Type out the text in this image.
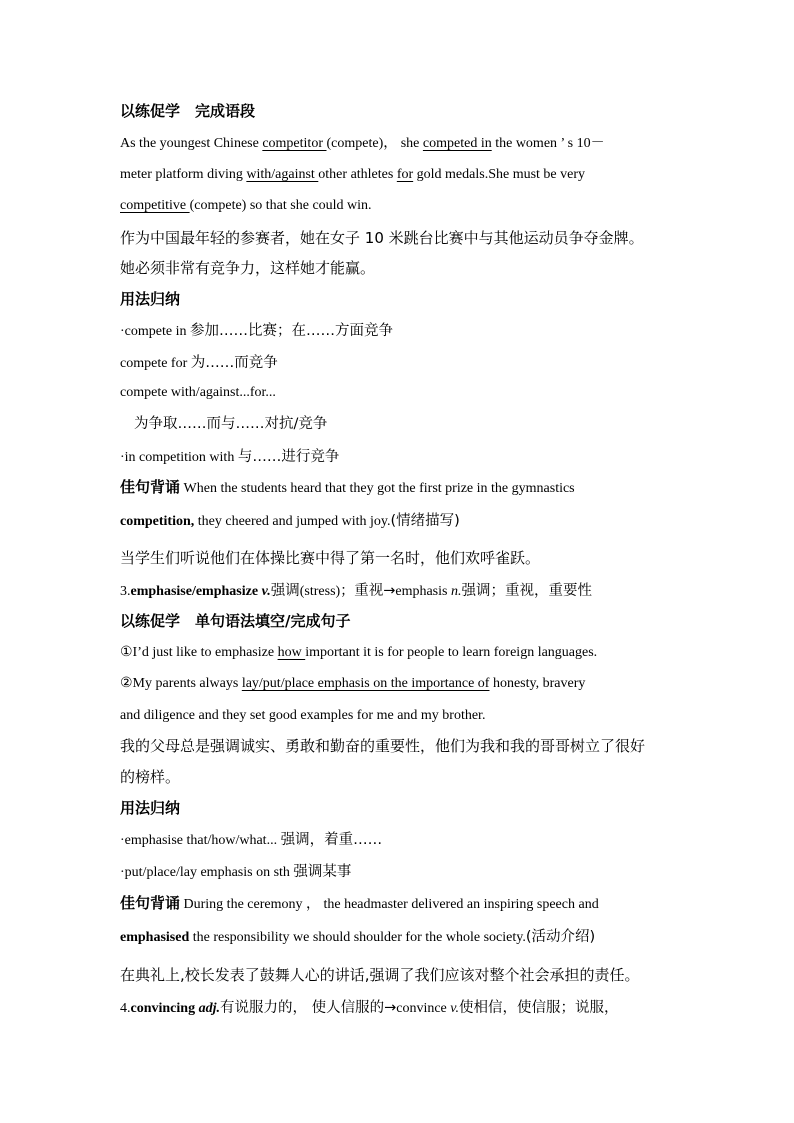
以练促学　完成语段
As the youngest Chinese competitor (compete)， she competed in the women ’ s 10－
meter platform diving with/against other athletes for gold medals.She must be very
competitive (compete) so that she could win.
作为中国最年轻的参赛者，她在女子 10 米跳台比赛中与其他运动员争夺金牌。
她必须非常有竞争力，这样她才能赢。
用法归纳
·compete in 参加……比赛；在……方面竞争
compete for 为……而竞争
compete with/against...for...
为争取……而与……对抗/竞争
·in competition with 与……进行竞争
佳句背诵 When the students heard that they got the first prize in the gymnastics
competition, they cheered and jumped with joy.(情绪描写)
当学生们听说他们在体操比赛中得了第一名时，他们欢呼雀跃。
3.emphasise/emphasize v.强调(stress)；重视→emphasis n.强调；重视，重要性
以练促学　单句语法填空/完成句子
①I’d just like to emphasize how important it is for people to learn foreign languages.
②My parents always lay/put/place emphasis on the importance of honesty, bravery
and diligence and they set good examples for me and my brother.
我的父母总是强调诚实、勇敢和勤奋的重要性，他们为我和我的哥哥树立了很好
的榜样。
用法归纳
·emphasise that/how/what... 强调，着重……
·put/place/lay emphasis on sth 强调某事
佳句背诵 During the ceremony ， the headmaster delivered an inspiring speech and
emphasised the responsibility we should shoulder for the whole society.(活动介绍)
在典礼上,校长发表了鼓舞人心的讲话,强调了我们应该对整个社会承担的责任。
4.convincing adj.有说服力的， 使人信服的→convince v.使相信，使信服；说服，
